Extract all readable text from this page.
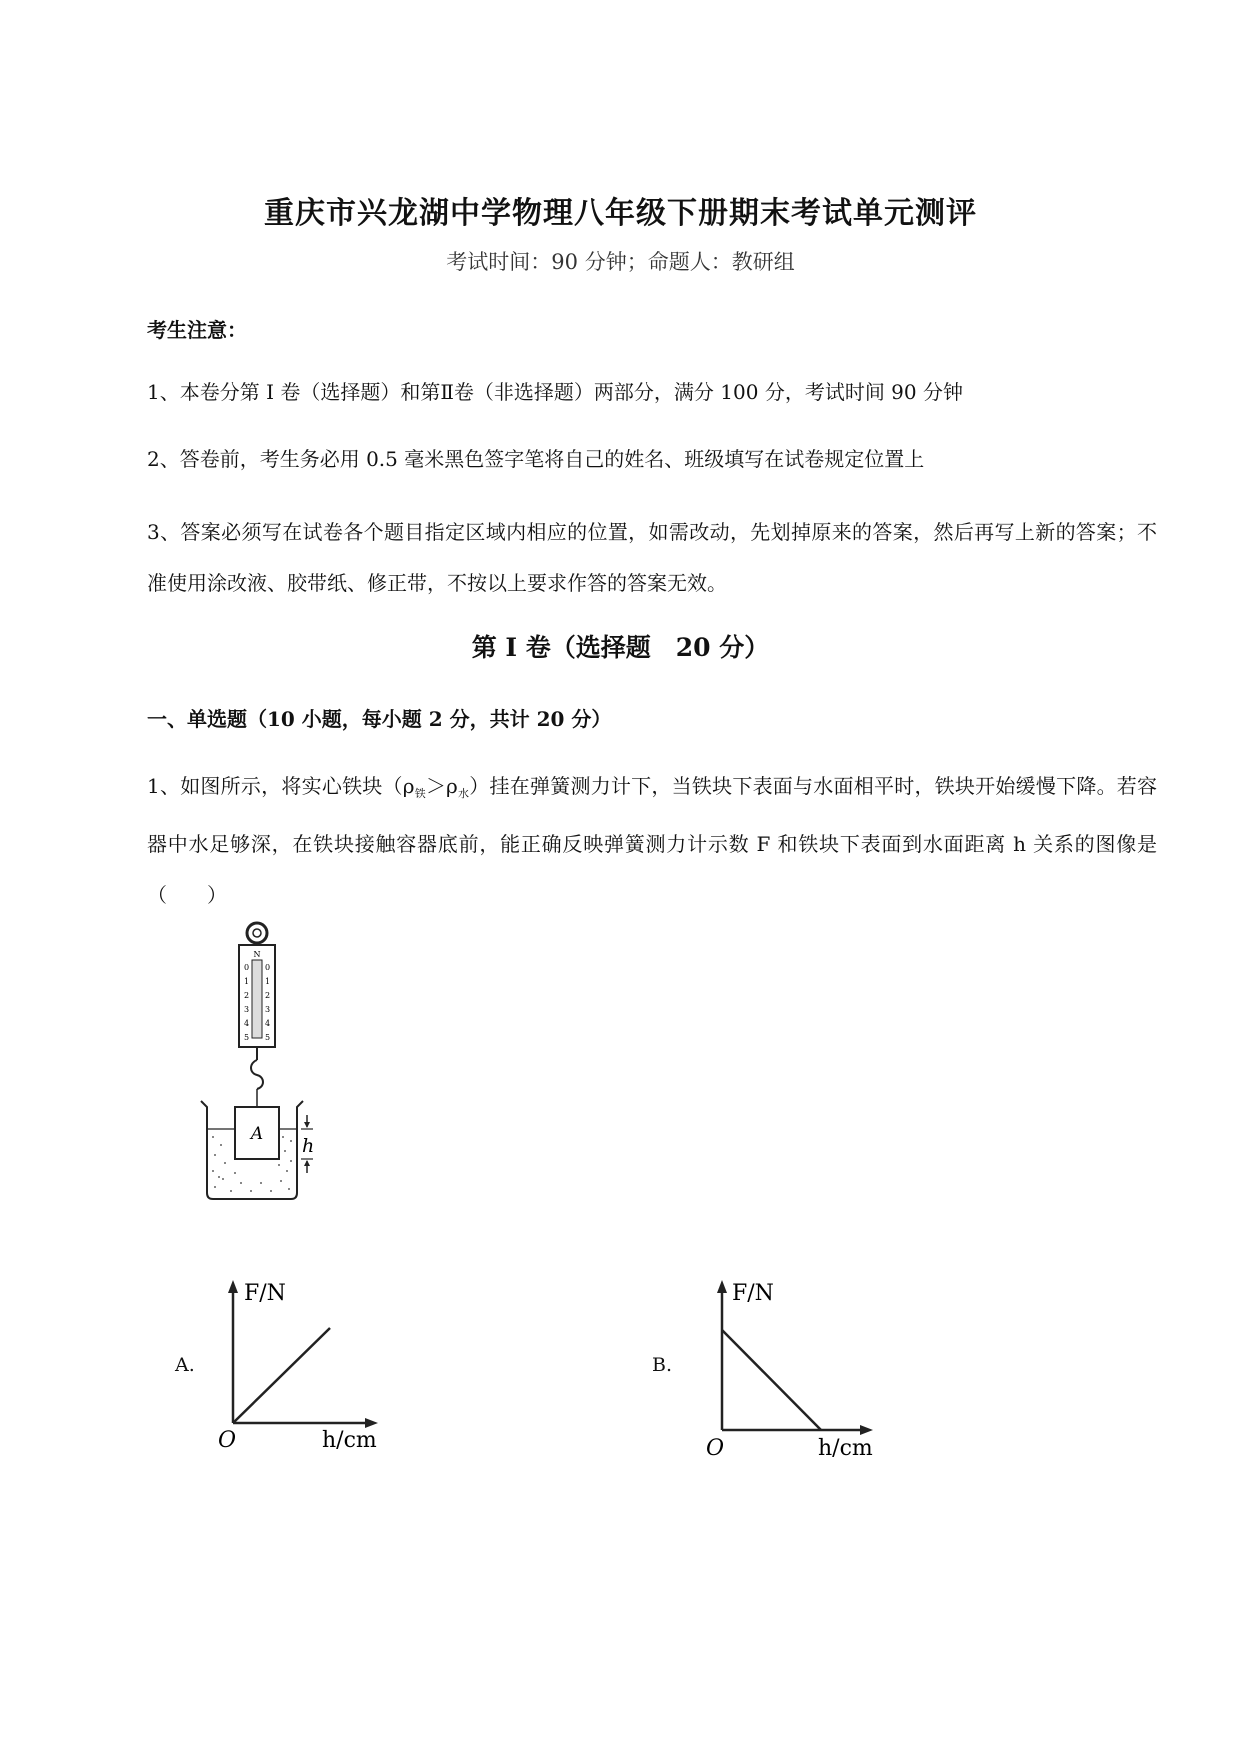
重庆市兴龙湖中学物理八年级下册期末考试单元测评
考试时间：90 分钟；命题人：教研组
考生注意：
1、本卷分第 I 卷（选择题）和第Ⅱ卷（非选择题）两部分，满分 100 分，考试时间 90 分钟
2、答卷前，考生务必用 0.5 毫米黑色签字笔将自己的姓名、班级填写在试卷规定位置上
3、答案必须写在试卷各个题目指定区域内相应的位置，如需改动，先划掉原来的答案，然后再写上新的答案；不准使用涂改液、胶带纸、修正带，不按以上要求作答的答案无效。
第 I 卷（选择题　20 分）
一、单选题（10 小题，每小题 2 分，共计 20 分）
1、如图所示，将实心铁块$(\rho_铁>\rho_水)$挂在弹簧测力计下，当铁块下表面与水面相平时，铁块开始缓慢下降。若容器中水足够深，在铁块接触容器底前，能正确反映弹簧测力计示数 F 和铁块下表面到水面距离 h 关系的图像是（　　）
N
0
1
2
3
4
5
0
1
2
3
4
5
A
h
A.
F/N
h/cm
O
B.
F/N
h/cm
O
